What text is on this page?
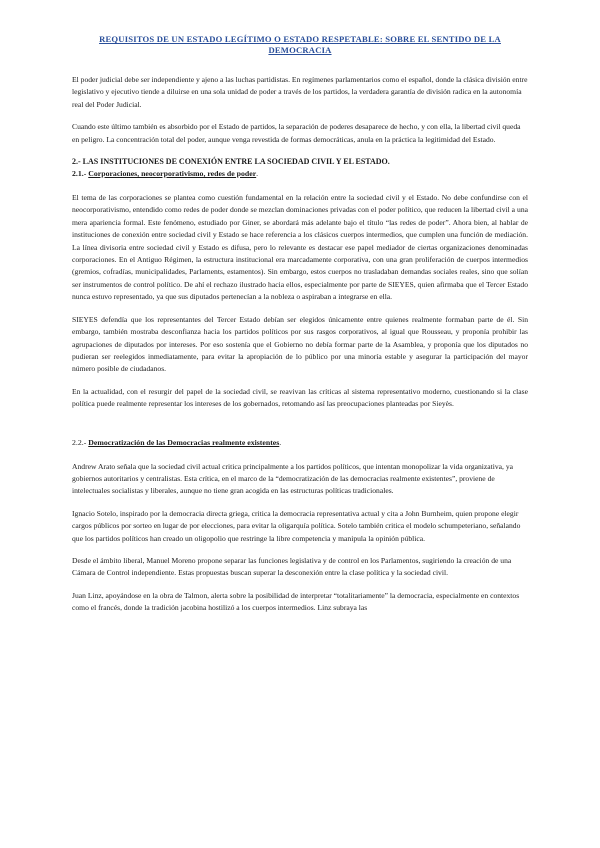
REQUISITOS DE UN ESTADO LEGÍTIMO O ESTADO RESPETABLE: SOBRE EL SENTIDO DE LA
DEMOCRACIA

El poder judicial debe ser independiente y ajeno a las luchas partidistas. En regímenes parlamentarios como el español, donde la clásica división entre legislativo y ejecutivo tiende a diluirse en una sola unidad de poder a través de los partidos, la verdadera garantía de división radica en la autonomía real del Poder Judicial.

Cuando este último también es absorbido por el Estado de partidos, la separación de poderes desaparece de hecho, y con ella, la libertad civil queda en peligro. La concentración total del poder, aunque venga revestida de formas democráticas, anula en la práctica la legitimidad del Estado.

2.- LAS INSTITUCIONES DE CONEXIÓN ENTRE LA SOCIEDAD CIVIL Y EL ESTADO.
2.1.- Corporaciones, neocorporativismo, redes de poder.

El tema de las corporaciones se plantea como cuestión fundamental en la relación entre la sociedad civil y el Estado. No debe confundirse con el neocorporativismo, entendido como redes de poder donde se mezclan dominaciones privadas con el poder político, que reducen la libertad civil a una mera apariencia formal. Este fenómeno, estudiado por Giner, se abordará más adelante bajo el título “las redes de poder”. Ahora bien, al hablar de instituciones de conexión entre sociedad civil y Estado se hace referencia a los clásicos cuerpos intermedios, que cumplen una función de mediación. La línea divisoria entre sociedad civil y Estado es difusa, pero lo relevante es destacar ese papel mediador de ciertas organizaciones denominadas corporaciones. En el Antiguo Régimen, la estructura institucional era marcadamente corporativa, con una gran proliferación de cuerpos intermedios (gremios, cofradías, municipalidades, Parlaments, estamentos). Sin embargo, estos cuerpos no trasladaban demandas sociales reales, sino que solían ser instrumentos de control político. De ahí el rechazo ilustrado hacia ellos, especialmente por parte de SIEYES, quien afirmaba que el Tercer Estado nunca estuvo representado, ya que sus diputados pertenecían a la nobleza o aspiraban a integrarse en ella.

SIEYES defendía que los representantes del Tercer Estado debían ser elegidos únicamente entre quienes realmente formaban parte de él. Sin embargo, también mostraba desconfianza hacia los partidos políticos por sus rasgos corporativos, al igual que Rousseau, y proponía prohibir las agrupaciones de diputados por intereses. Por eso sostenía que el Gobierno no debía formar parte de la Asamblea, y proponía que los diputados no pudieran ser reelegidos inmediatamente, para evitar la apropiación de lo público por una minoría estable y asegurar la participación del mayor número posible de ciudadanos.

En la actualidad, con el resurgir del papel de la sociedad civil, se reavivan las críticas al sistema representativo moderno, cuestionando si la clase política puede realmente representar los intereses de los gobernados, retomando así las preocupaciones planteadas por Sieyès.

2.2.- Democratización de las Democracias realmente existentes.

Andrew Arato señala que la sociedad civil actual critica principalmente a los partidos políticos, que intentan monopolizar la vida organizativa, ya gobiernos autoritarios y centralistas. Esta crítica, en el marco de la “democratización de las democracias realmente existentes”, proviene de intelectuales socialistas y liberales, aunque no tiene gran acogida en las estructuras políticas tradicionales.

Ignacio Sotelo, inspirado por la democracia directa griega, critica la democracia representativa actual y cita a John Burnheim, quien propone elegir cargos públicos por sorteo en lugar de por elecciones, para evitar la oligarquía política. Sotelo también critica el modelo schumpeteriano, señalando que los partidos políticos han creado un oligopolio que restringe la libre competencia y manipula la opinión pública.

Desde el ámbito liberal, Manuel Moreno propone separar las funciones legislativa y de control en los Parlamentos, sugiriendo la creación de una Cámara de Control independiente. Estas propuestas buscan superar la desconexión entre la clase política y la sociedad civil.

Juan Linz, apoyándose en la obra de Talmon, alerta sobre la posibilidad de interpretar “totalitariamente” la democracia, especialmente en contextos como el francés, donde la tradición jacobina hostilizó a los cuerpos intermedios. Linz subraya las
